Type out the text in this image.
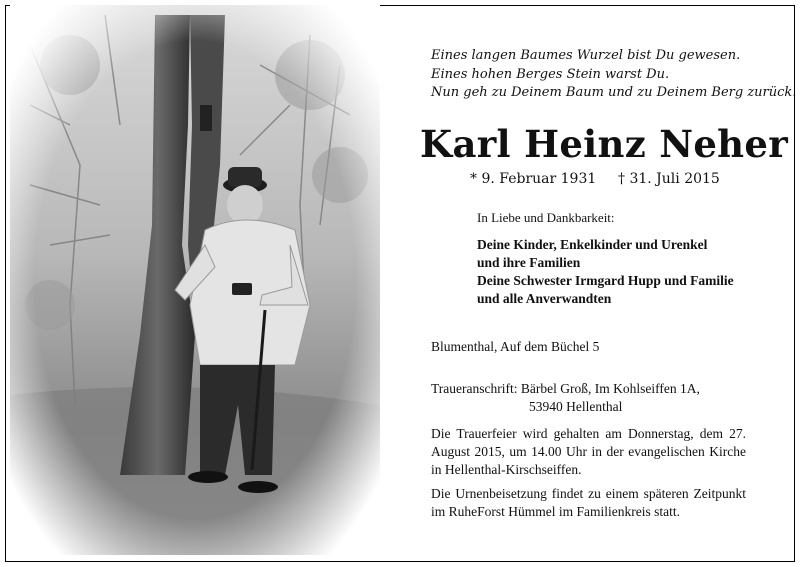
Eines langen Baumes Wurzel bist Du gewesen.
Eines hohen Berges Stein warst Du.
Nun geh zu Deinem Baum und zu Deinem Berg zurück.
Karl Heinz Neher
* 9. Februar 1931 † 31. Juli 2015
In Liebe und Dankbarkeit:
Deine Kinder, Enkelkinder und Urenkel
und ihre Familien
Deine Schwester Irmgard Hupp und Familie
und alle Anverwandten
Blumenthal, Auf dem Büchel 5
Traueranschrift: Bärbel Groß, Im Kohlseiffen 1A,
53940 Hellenthal
Die Trauerfeier wird gehalten am Donnerstag, dem 27. August 2015, um 14.00 Uhr in der evangelischen Kirche in Hellenthal-Kirschseiffen.
Die Urnenbeisetzung findet zu einem späteren Zeitpunkt im RuheForst Hümmel im Familienkreis statt.
